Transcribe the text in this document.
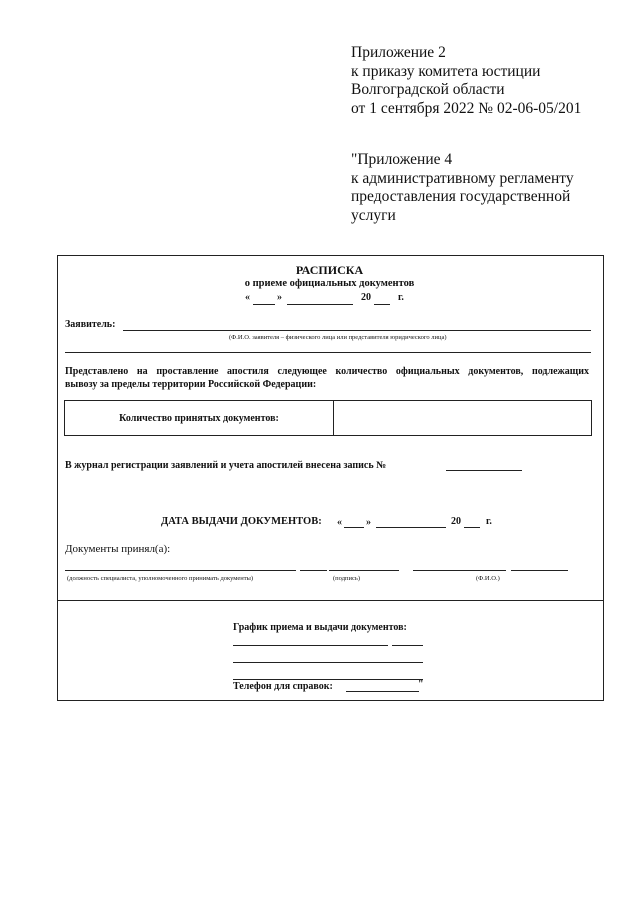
Приложение 2
к приказу комитета юстиции
Волгоградской области
от 1 сентября 2022 № 02-06-05/201
"Приложение 4
к административному регламенту
предоставления государственной
услуги
РАСПИСКА
о приеме официальных документов
«	»	20	г.
Заявитель:
(Ф.И.О. заявителя – физического лица или представителя юридического лица)
Представлено на проставление апостиля следующее количество официальных документов, подлежащих
вывозу за пределы территории Российской Федерации:
Количество принятых документов:
В журнал регистрации заявлений и учета апостилей внесена запись №
ДАТА ВЫДАЧИ ДОКУМЕНТОВ: « »	20	г.
Документы принял(а):
(должность специалиста, уполномоченного принимать документы)	(подпись)	(Ф.И.О.)
График приема и выдачи документов:
Телефон для справок:	"
